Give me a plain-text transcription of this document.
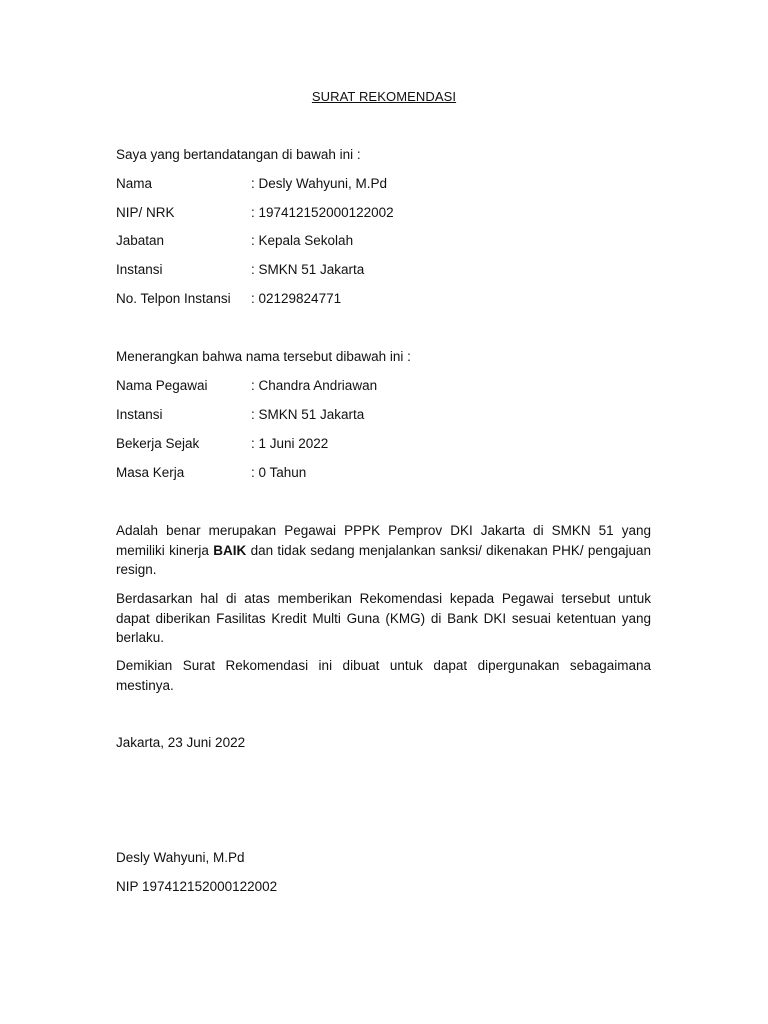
SURAT REKOMENDASI
Saya yang bertandatangan di bawah ini :
Nama	: Desly Wahyuni, M.Pd
NIP/ NRK	: 197412152000122002
Jabatan	: Kepala Sekolah
Instansi	: SMKN 51 Jakarta
No. Telpon Instansi : 02129824771
Menerangkan bahwa nama tersebut dibawah ini :
Nama Pegawai	: Chandra Andriawan
Instansi	: SMKN 51 Jakarta
Bekerja Sejak	: 1 Juni 2022
Masa Kerja	: 0 Tahun
Adalah benar merupakan Pegawai PPPK Pemprov DKI Jakarta di SMKN 51 yang memiliki kinerja BAIK dan tidak sedang menjalankan sanksi/ dikenakan PHK/ pengajuan resign.
Berdasarkan hal di atas memberikan Rekomendasi kepada Pegawai tersebut untuk dapat diberikan Fasilitas Kredit Multi Guna (KMG) di Bank DKI sesuai ketentuan yang berlaku.
Demikian Surat Rekomendasi ini dibuat untuk dapat dipergunakan sebagaimana mestinya.
Jakarta, 23 Juni 2022
Desly Wahyuni, M.Pd
NIP 197412152000122002
